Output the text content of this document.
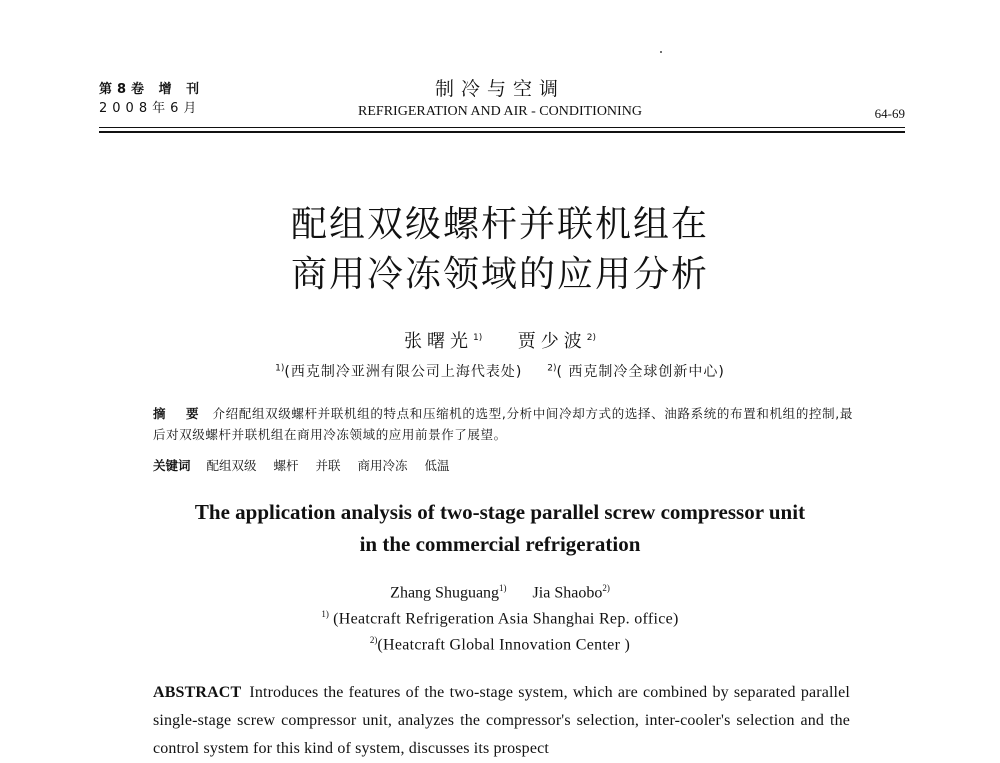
第8卷 增 刊
2008年6月
制冷与空调
REFRIGERATION AND AIR - CONDITIONING	64-69
配组双级螺杆并联机组在
商用冷冻领域的应用分析
张曙光$^{1)}$ 贾少波$^{2)}$
$^{1)}$(西克制冷亚洲有限公司上海代表处)	$^{2)}$( 西克制冷全球创新中心)
摘 要 介绍配组双级螺杆并联机组的特点和压缩机的选型,分析中间冷却方式的选择、油路系统的布置和机组的控制,最后对双级螺杆并联机组在商用冷冻领域的应用前景作了展望。
关键词 配组双级 螺杆 并联 商用冷冻 低温
The application analysis of two-stage parallel screw compressor unit
in the commercial refrigeration
Zhang Shuguang$^{1)}$ Jia Shaobo$^{2)}$
$^{1)}$ (Heatcraft Refrigeration Asia Shanghai Rep. office)
$^{2)}$(Heatcraft Global Innovation Center )
ABSTRACT Introduces the features of the two-stage system, which are combined by separated parallel single-stage screw compressor unit, analyzes the compressor's selection, inter-cooler's selection and the control system for this kind of system, discusses its prospect
